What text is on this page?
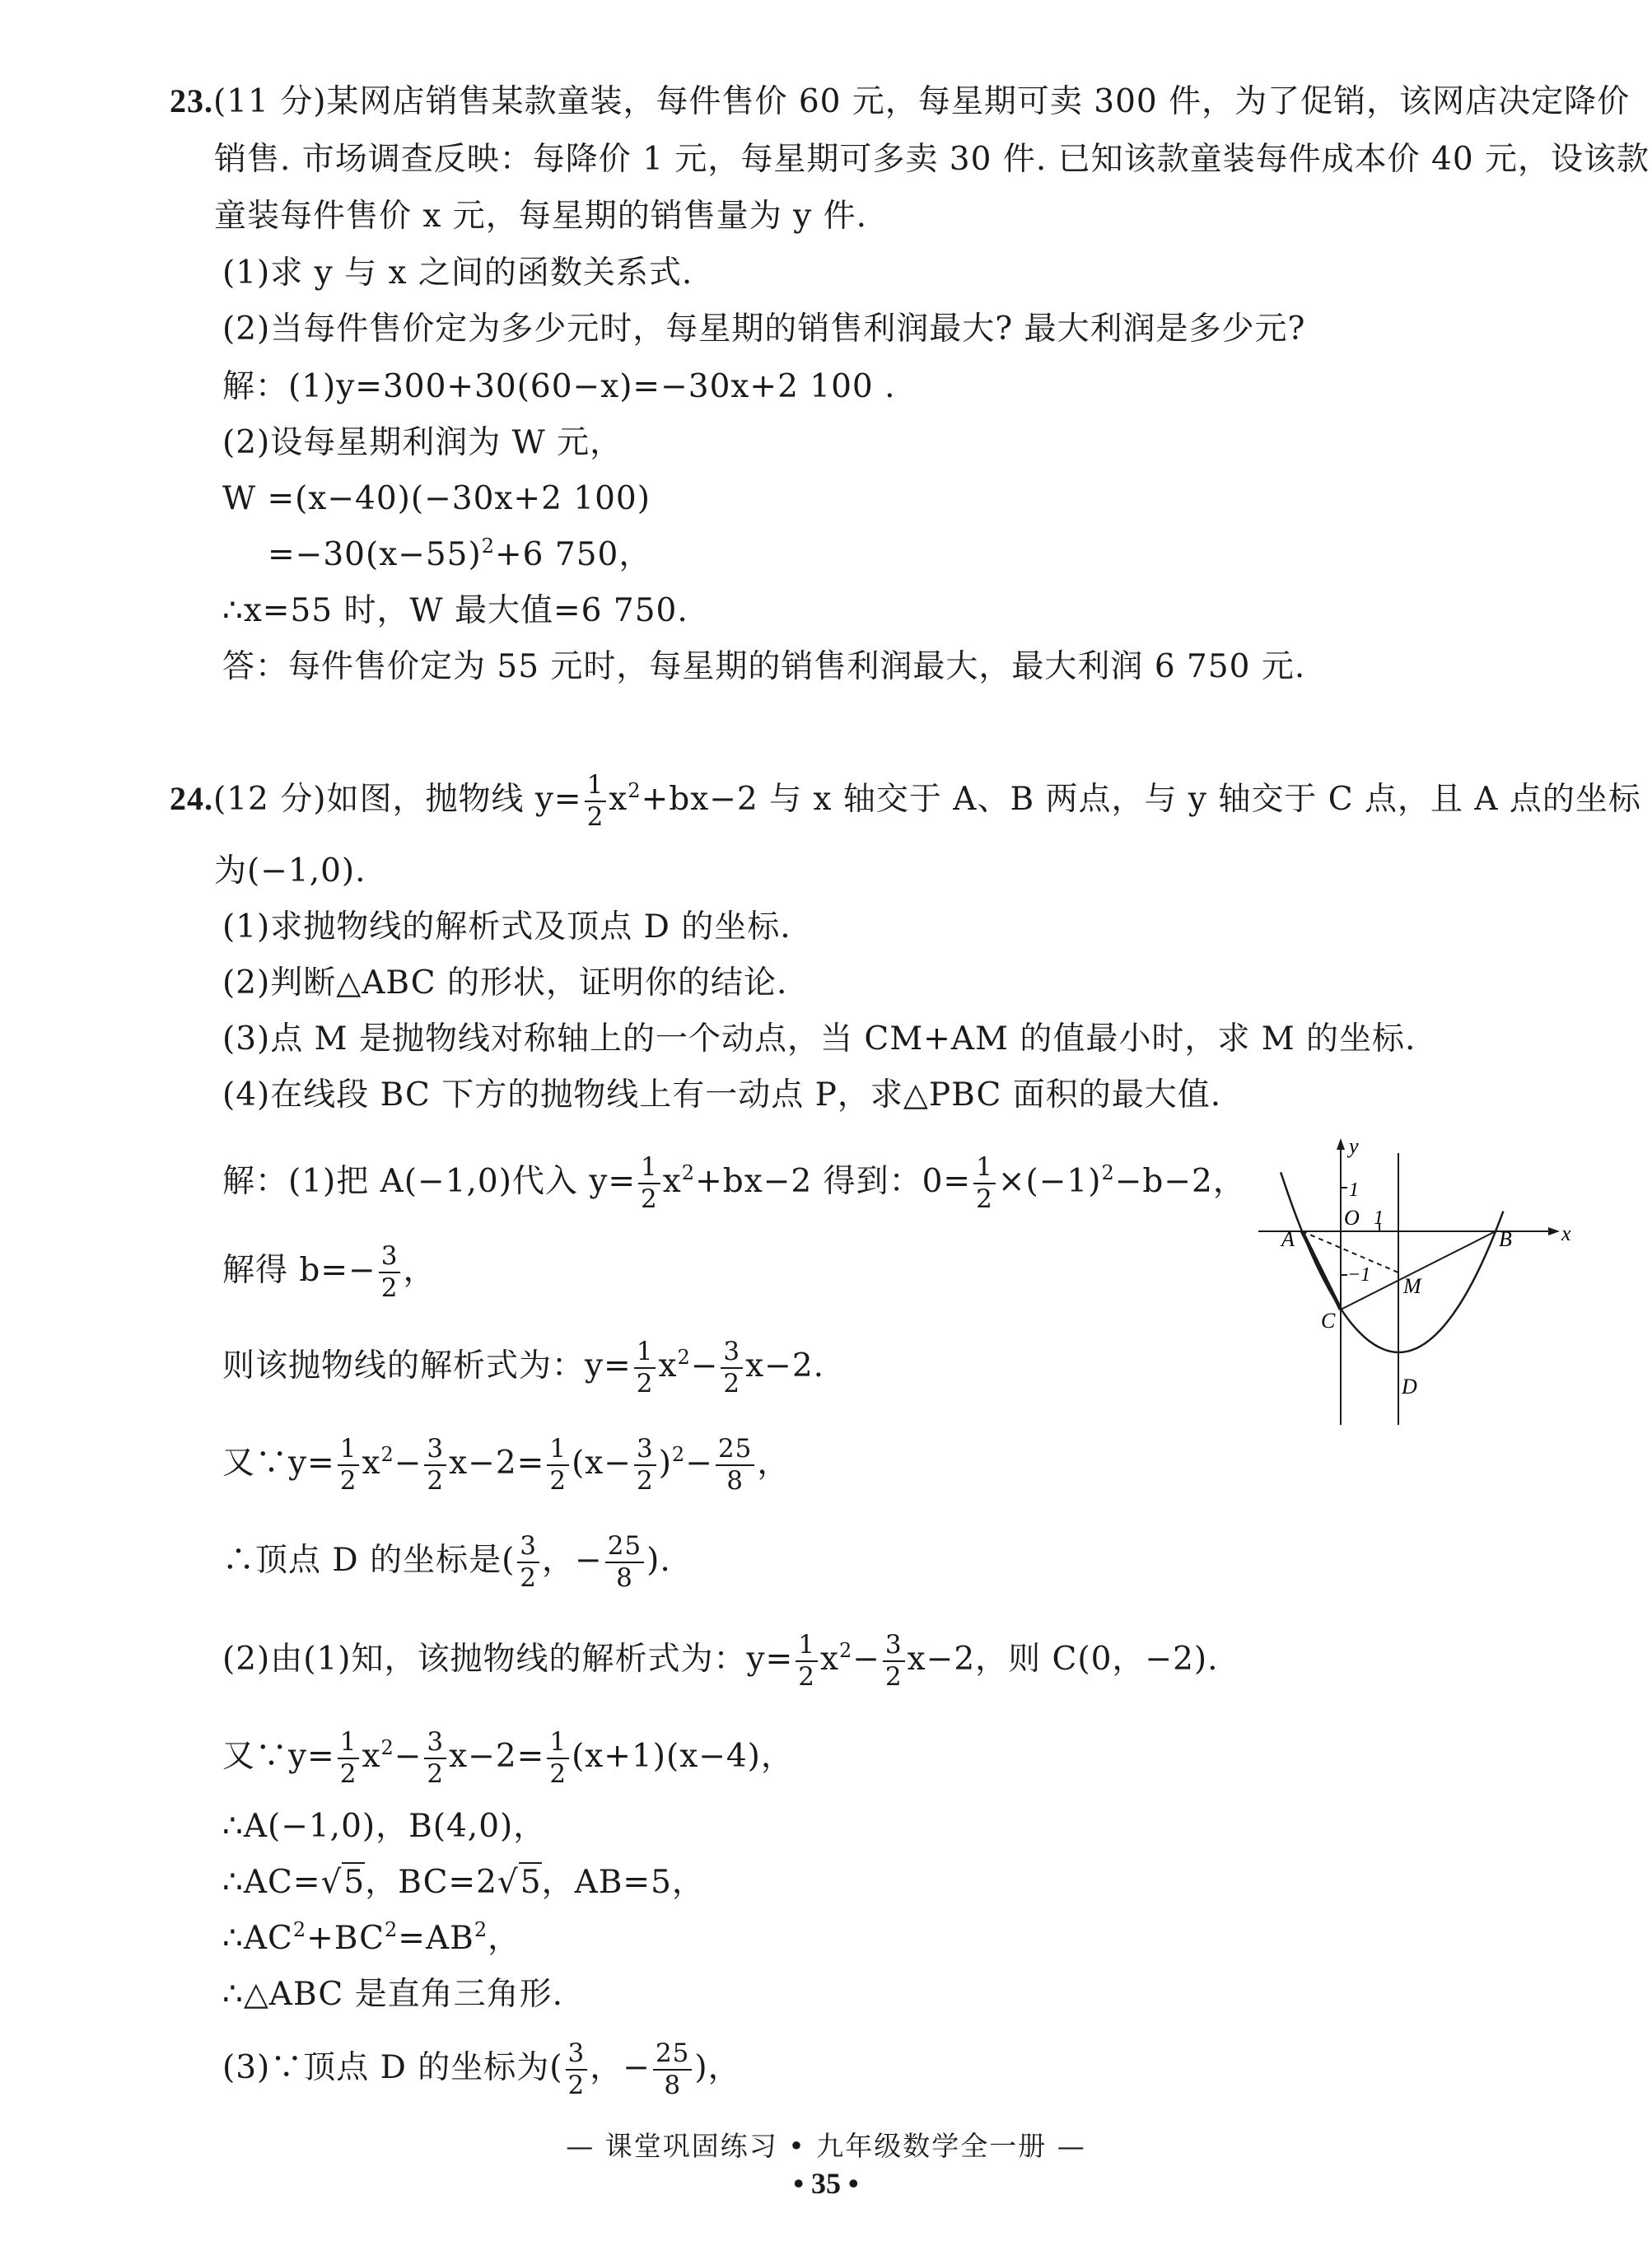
23.(11 分)某网店销售某款童装，每件售价 60 元，每星期可卖 300 件，为了促销，该网店决定降价
销售. 市场调查反映：每降价 1 元，每星期可多卖 30 件. 已知该款童装每件成本价 40 元，设该款
童装每件售价 x 元，每星期的销售量为 y 件.
(1)求 y 与 x 之间的函数关系式.
(2)当每件售价定为多少元时，每星期的销售利润最大? 最大利润是多少元?
解：(1)y=300+30(60−x)=−30x+2 100 .
(2)设每星期利润为 W 元，
W =(x−40)(−30x+2 100)
$=-30(x-55)^2+6$ 750，
∴x=55 时，W 最大值=6 750.
答：每件售价定为 55 元时，每星期的销售利润最大，最大利润 6 750 元.
24.(12 分)如图，抛物线 $y= \frac{1}{2} x^2+bx-2$ 与 x 轴交于 A、B 两点，与 y 轴交于 C 点，且 A 点的坐标
为(−1,0).
(1)求抛物线的解析式及顶点 D 的坐标.
(2)判断△ABC 的形状，证明你的结论.
(3)点 M 是抛物线对称轴上的一个动点，当 CM+AM 的值最小时，求 M 的坐标.
(4)在线段 BC 下方的抛物线上有一动点 P，求△PBC 面积的最大值.
解：(1)把 A(−1,0)代入 $y= \frac{1}{2} x^2+bx-2$ 得到：$0= \frac{1}{2} \times(-1)^2-b-2$，
解得 $b=- \frac{3}{2}$ ，
则该抛物线的解析式为：$y= \frac{1}{2} x^2- \frac{3}{2} x-2$.
又∵y= $\frac{1}{2} x^2- \frac{3}{2} x-2= \frac{1}{2} (x- \frac{3}{2} )^2- \frac{25}{8}$ ，
∴顶点 D 的坐标是( $\frac{3}{2}$ ，− $\frac{25}{8}$ ).
(2)由(1)知，该抛物线的解析式为：$y= \frac{1}{2} x^2- \frac{3}{2} x-2$，则 C(0，−2).
又∵y= $\frac{1}{2} x^2- \frac{3}{2} x-2= \frac{1}{2} (x+1)(x-4)$，
∴A(−1,0)，B(4,0)，
∴AC=√5，BC=2√5，AB=5，
$\therefore AC^2+BC^2=AB^2$，
∴△ABC 是直角三角形.
(3)∵顶点 D 的坐标为( $\frac{3}{2}$ ，− $\frac{25}{8}$ )，
y
x
1
1
−1
O
A	B
C
M
D
— 课堂巩固练习 • 九年级数学全一册 —
• 35 •
